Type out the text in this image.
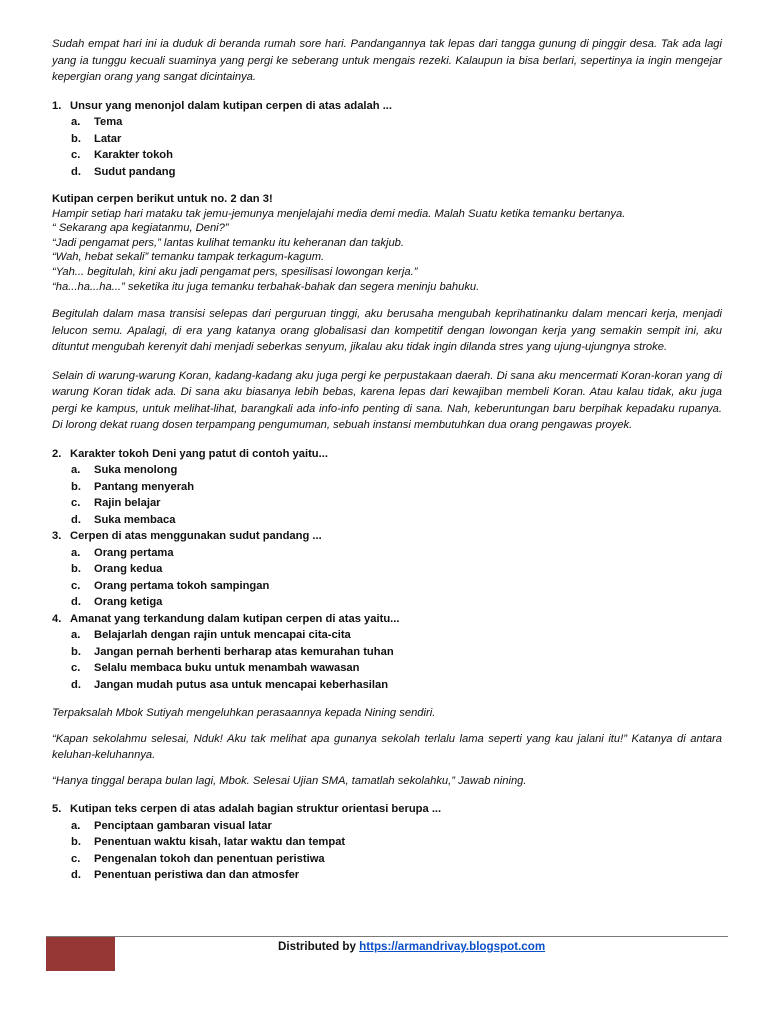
Sudah empat hari ini ia duduk di beranda rumah sore hari. Pandangannya tak lepas dari tangga gunung di pinggir desa. Tak ada lagi yang ia tunggu kecuali suaminya yang pergi ke seberang untuk mengais rezeki. Kalaupun ia bisa berlari, sepertinya ia ingin mengejar kepergian orang yang sangat dicintainya.

1. Unsur yang menonjol dalam kutipan cerpen di atas adalah ...
a.	Tema
b.	Latar
c.	Karakter tokoh
d.	Sudut pandang
Kutipan cerpen berikut untuk no. 2 dan 3!

Hampir setiap hari mataku tak jemu-jemunya menjelajahi media demi media. Malah Suatu ketika temanku bertanya.

“ Sekarang apa kegiatanmu, Deni?”

“Jadi pengamat pers,” lantas kulihat temanku itu keheranan dan takjub.

“Wah, hebat sekali” temanku tampak terkagum-kagum.

“Yah... begitulah, kini aku jadi pengamat pers, spesilisasi lowongan kerja.”

“ha...ha...ha...” seketika itu juga temanku terbahak-bahak dan segera meninju bahuku.

Begitulah dalam masa transisi selepas dari perguruan tinggi, aku berusaha mengubah keprihatinanku dalam mencari kerja, menjadi lelucon semu. Apalagi, di era yang katanya orang globalisasi dan kompetitif dengan lowongan kerja yang semakin sempit ini, aku dituntut mengubah kerenyit dahi menjadi seberkas senyum, jikalau aku tidak ingin dilanda stres yang ujung-ujungnya stroke.

Selain di warung-warung Koran, kadang-kadang aku juga pergi ke perpustakaan daerah. Di sana aku mencermati Koran-koran yang di warung Koran tidak ada. Di sana aku biasanya lebih bebas, karena lepas dari kewajiban membeli Koran. Atau kalau tidak, aku juga pergi ke kampus, untuk melihat-lihat, barangkali ada info-info penting di sana. Nah, keberuntungan baru berpihak kepadaku rupanya. Di lorong dekat ruang dosen terpampang pengumuman, sebuah instansi membutuhkan dua orang pengawas proyek.

2. Karakter tokoh Deni yang patut di contoh yaitu...
a.	Suka menolong
b.	Pantang menyerah
c.	Rajin belajar
d.	Suka membaca
3. Cerpen di atas menggunakan sudut pandang ...
a.	Orang pertama
b.	Orang kedua
c.	Orang pertama tokoh sampingan
d.	Orang ketiga
4. Amanat yang terkandung dalam kutipan cerpen di atas yaitu...
a.	Belajarlah dengan rajin untuk mencapai cita-cita
b.	Jangan pernah berhenti berharap atas kemurahan tuhan
c.	Selalu membaca buku untuk menambah wawasan
d.	Jangan mudah putus asa untuk mencapai keberhasilan

Terpaksalah Mbok Sutiyah mengeluhkan perasaannya kepada Nining sendiri.

“Kapan sekolahmu selesai, Nduk! Aku tak melihat apa gunanya sekolah terlalu lama seperti yang kau jalani itu!” Katanya di antara keluhan-keluhannya.

“Hanya tinggal berapa bulan lagi, Mbok. Selesai Ujian SMA, tamatlah sekolahku,” Jawab nining.

5. Kutipan teks cerpen di atas adalah bagian struktur orientasi berupa ...
a.	Penciptaan gambaran visual latar
b.	Penentuan waktu kisah, latar waktu dan tempat
c.	Pengenalan tokoh dan penentuan peristiwa
d.	Penentuan peristiwa dan dan atmosfer
Distributed by https://armandrivay.blogspot.com
